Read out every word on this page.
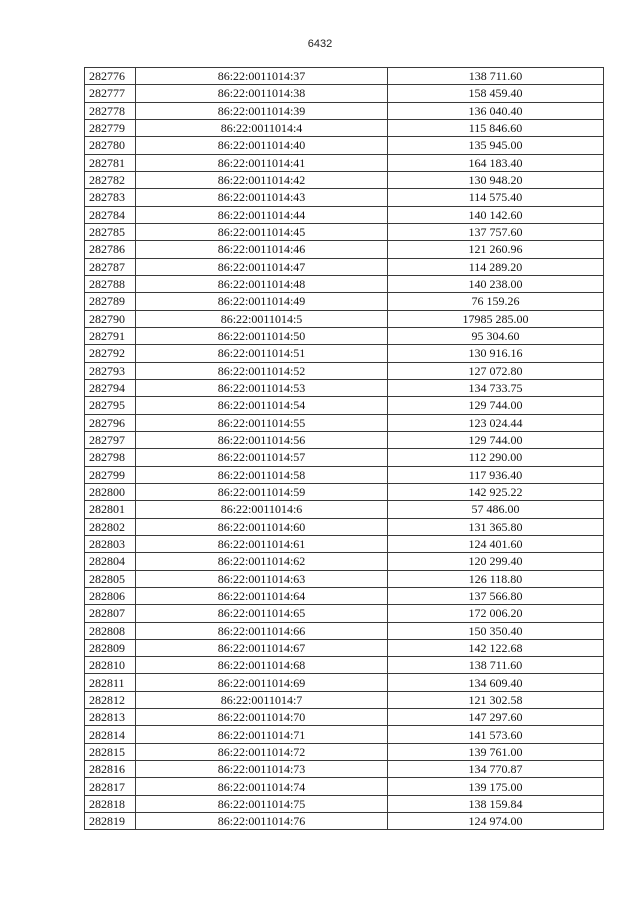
6432
282776	86:22:0011014:37	138 711.60
282777	86:22:0011014:38	158 459.40
282778	86:22:0011014:39	136 040.40
282779	86:22:0011014:4	115 846.60
282780	86:22:0011014:40	135 945.00
282781	86:22:0011014:41	164 183.40
282782	86:22:0011014:42	130 948.20
282783	86:22:0011014:43	114 575.40
282784	86:22:0011014:44	140 142.60
282785	86:22:0011014:45	137 757.60
282786	86:22:0011014:46	121 260.96
282787	86:22:0011014:47	114 289.20
282788	86:22:0011014:48	140 238.00
282789	86:22:0011014:49	76 159.26
282790	86:22:0011014:5	17985 285.00
282791	86:22:0011014:50	95 304.60
282792	86:22:0011014:51	130 916.16
282793	86:22:0011014:52	127 072.80
282794	86:22:0011014:53	134 733.75
282795	86:22:0011014:54	129 744.00
282796	86:22:0011014:55	123 024.44
282797	86:22:0011014:56	129 744.00
282798	86:22:0011014:57	112 290.00
282799	86:22:0011014:58	117 936.40
282800	86:22:0011014:59	142 925.22
282801	86:22:0011014:6	57 486.00
282802	86:22:0011014:60	131 365.80
282803	86:22:0011014:61	124 401.60
282804	86:22:0011014:62	120 299.40
282805	86:22:0011014:63	126 118.80
282806	86:22:0011014:64	137 566.80
282807	86:22:0011014:65	172 006.20
282808	86:22:0011014:66	150 350.40
282809	86:22:0011014:67	142 122.68
282810	86:22:0011014:68	138 711.60
282811	86:22:0011014:69	134 609.40
282812	86:22:0011014:7	121 302.58
282813	86:22:0011014:70	147 297.60
282814	86:22:0011014:71	141 573.60
282815	86:22:0011014:72	139 761.00
282816	86:22:0011014:73	134 770.87
282817	86:22:0011014:74	139 175.00
282818	86:22:0011014:75	138 159.84
282819	86:22:0011014:76	124 974.00
